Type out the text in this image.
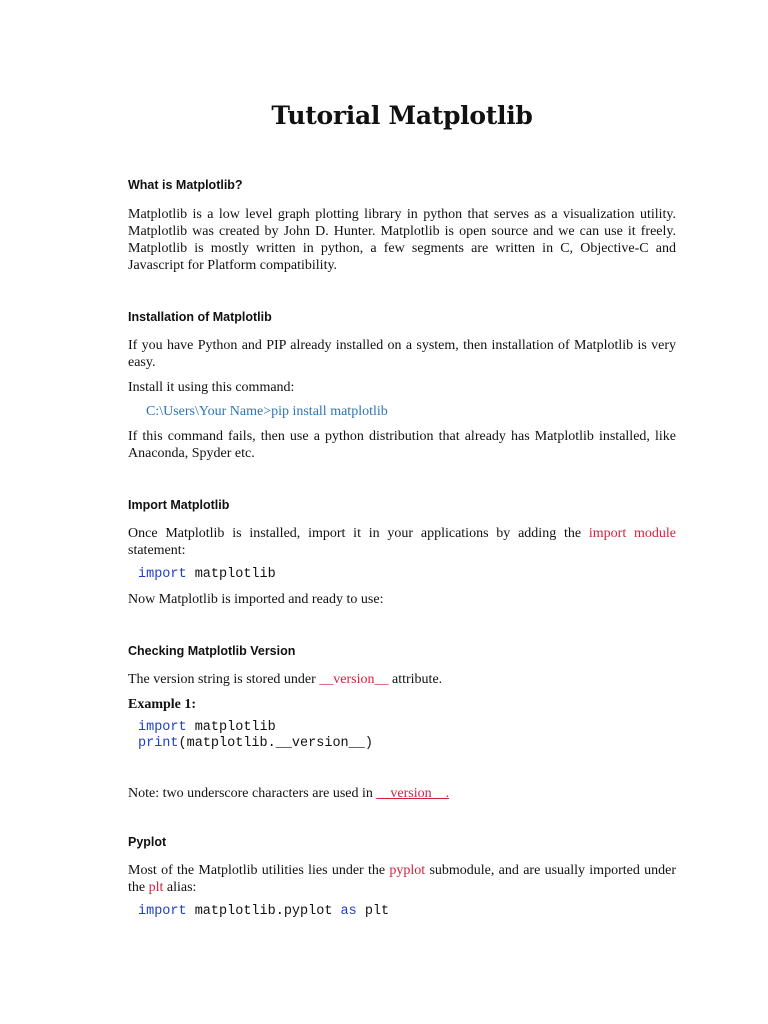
Tutorial Matplotlib
What is Matplotlib?
Matplotlib is a low level graph plotting library in python that serves as a visualization utility. Matplotlib was created by John D. Hunter. Matplotlib is open source and we can use it freely. Matplotlib is mostly written in python, a few segments are written in C, Objective-C and Javascript for Platform compatibility.
Installation of Matplotlib
If you have Python and PIP already installed on a system, then installation of Matplotlib is very easy.
Install it using this command:
C:\Users\Your Name>pip install matplotlib
If this command fails, then use a python distribution that already has Matplotlib installed, like Anaconda, Spyder etc.
Import Matplotlib
Once Matplotlib is installed, import it in your applications by adding the import module statement:
import matplotlib
Now Matplotlib is imported and ready to use:
Checking Matplotlib Version
The version string is stored under __version__ attribute.
Example 1:
import matplotlib
print(matplotlib.__version__)
Note: two underscore characters are used in __version__.
Pyplot
Most of the Matplotlib utilities lies under the pyplot submodule, and are usually imported under the plt alias:
import matplotlib.pyplot as plt
